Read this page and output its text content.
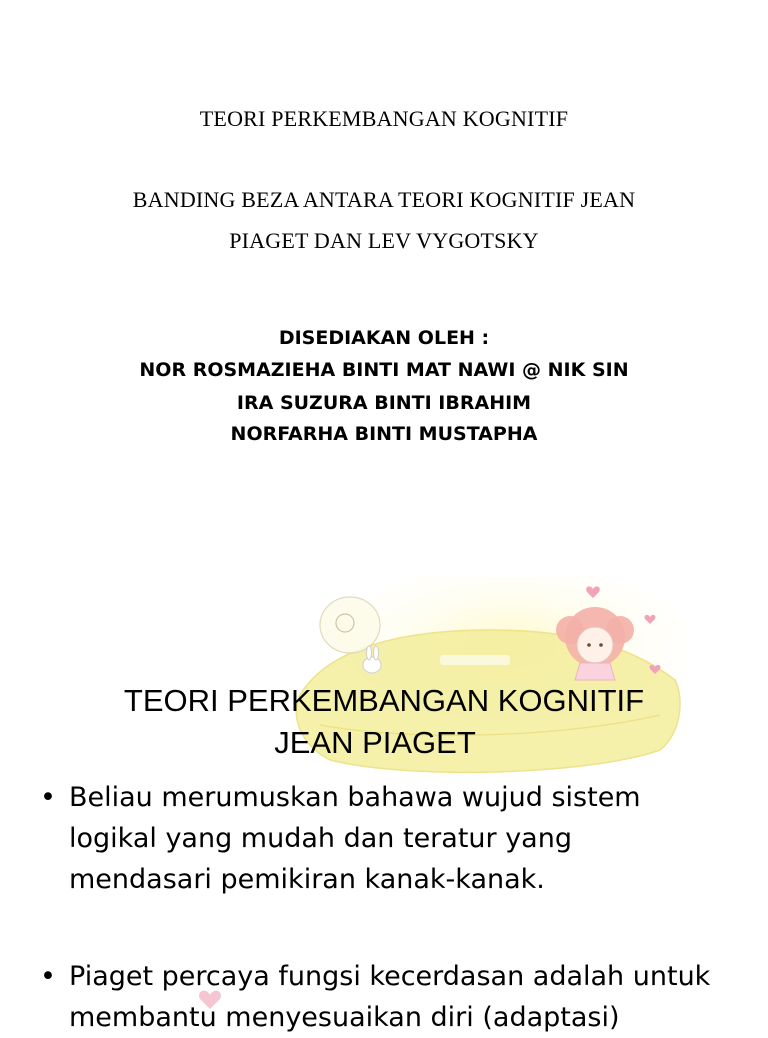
TEORI PERKEMBANGAN KOGNITIF
BANDING BEZA ANTARA TEORI KOGNITIF JEAN
PIAGET DAN LEV VYGOTSKY
DISEDIAKAN OLEH :
NOR ROSMAZIEHA BINTI MAT NAWI @ NIK SIN
IRA SUZURA BINTI IBRAHIM
NORFARHA BINTI MUSTAPHA
TEORI PERKEMBANGAN KOGNITIF
JEAN PIAGET
• Beliau merumuskan bahawa wujud sistem
logikal yang mudah dan teratur yang
mendasari pemikiran kanak-kanak.
• Piaget percaya fungsi kecerdasan adalah untuk
membantu menyesuaikan diri (adaptasi)
